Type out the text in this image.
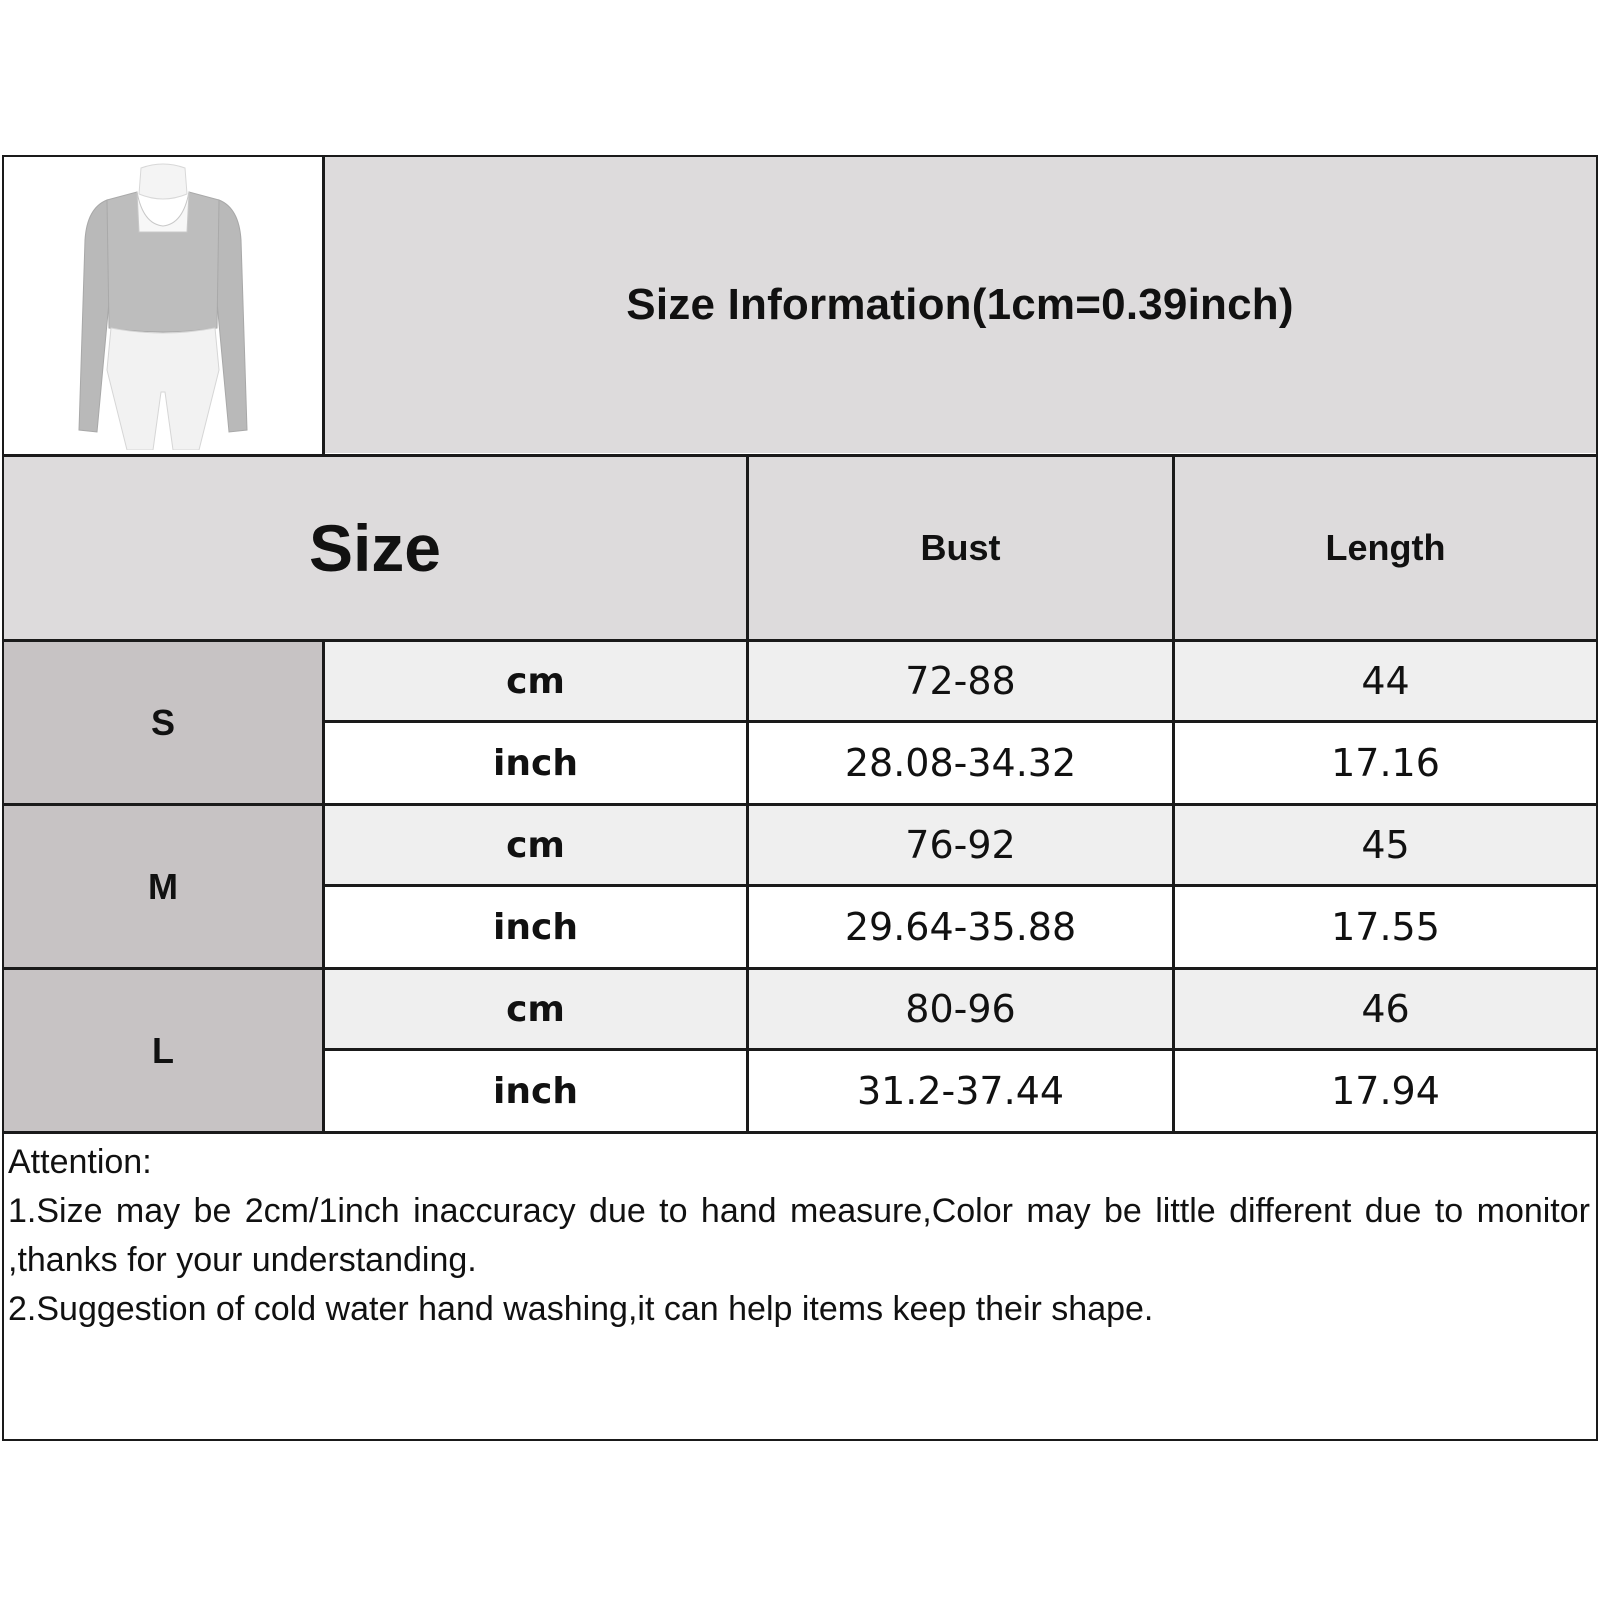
Size Information(1cm=0.39inch)
Size	Bust	Length
S
cm	72-88	44
inch	28.08-34.32	17.16
M
cm	76-92	45
inch	29.64-35.88	17.55
L
cm	80-96	46
inch	31.2-37.44	17.94
Attention:
1.Size may be 2cm/1inch inaccuracy due to hand measure,Color may be little different due to monitor ,thanks for your understanding.
2.Suggestion of cold water hand washing,it can help items keep their shape.
